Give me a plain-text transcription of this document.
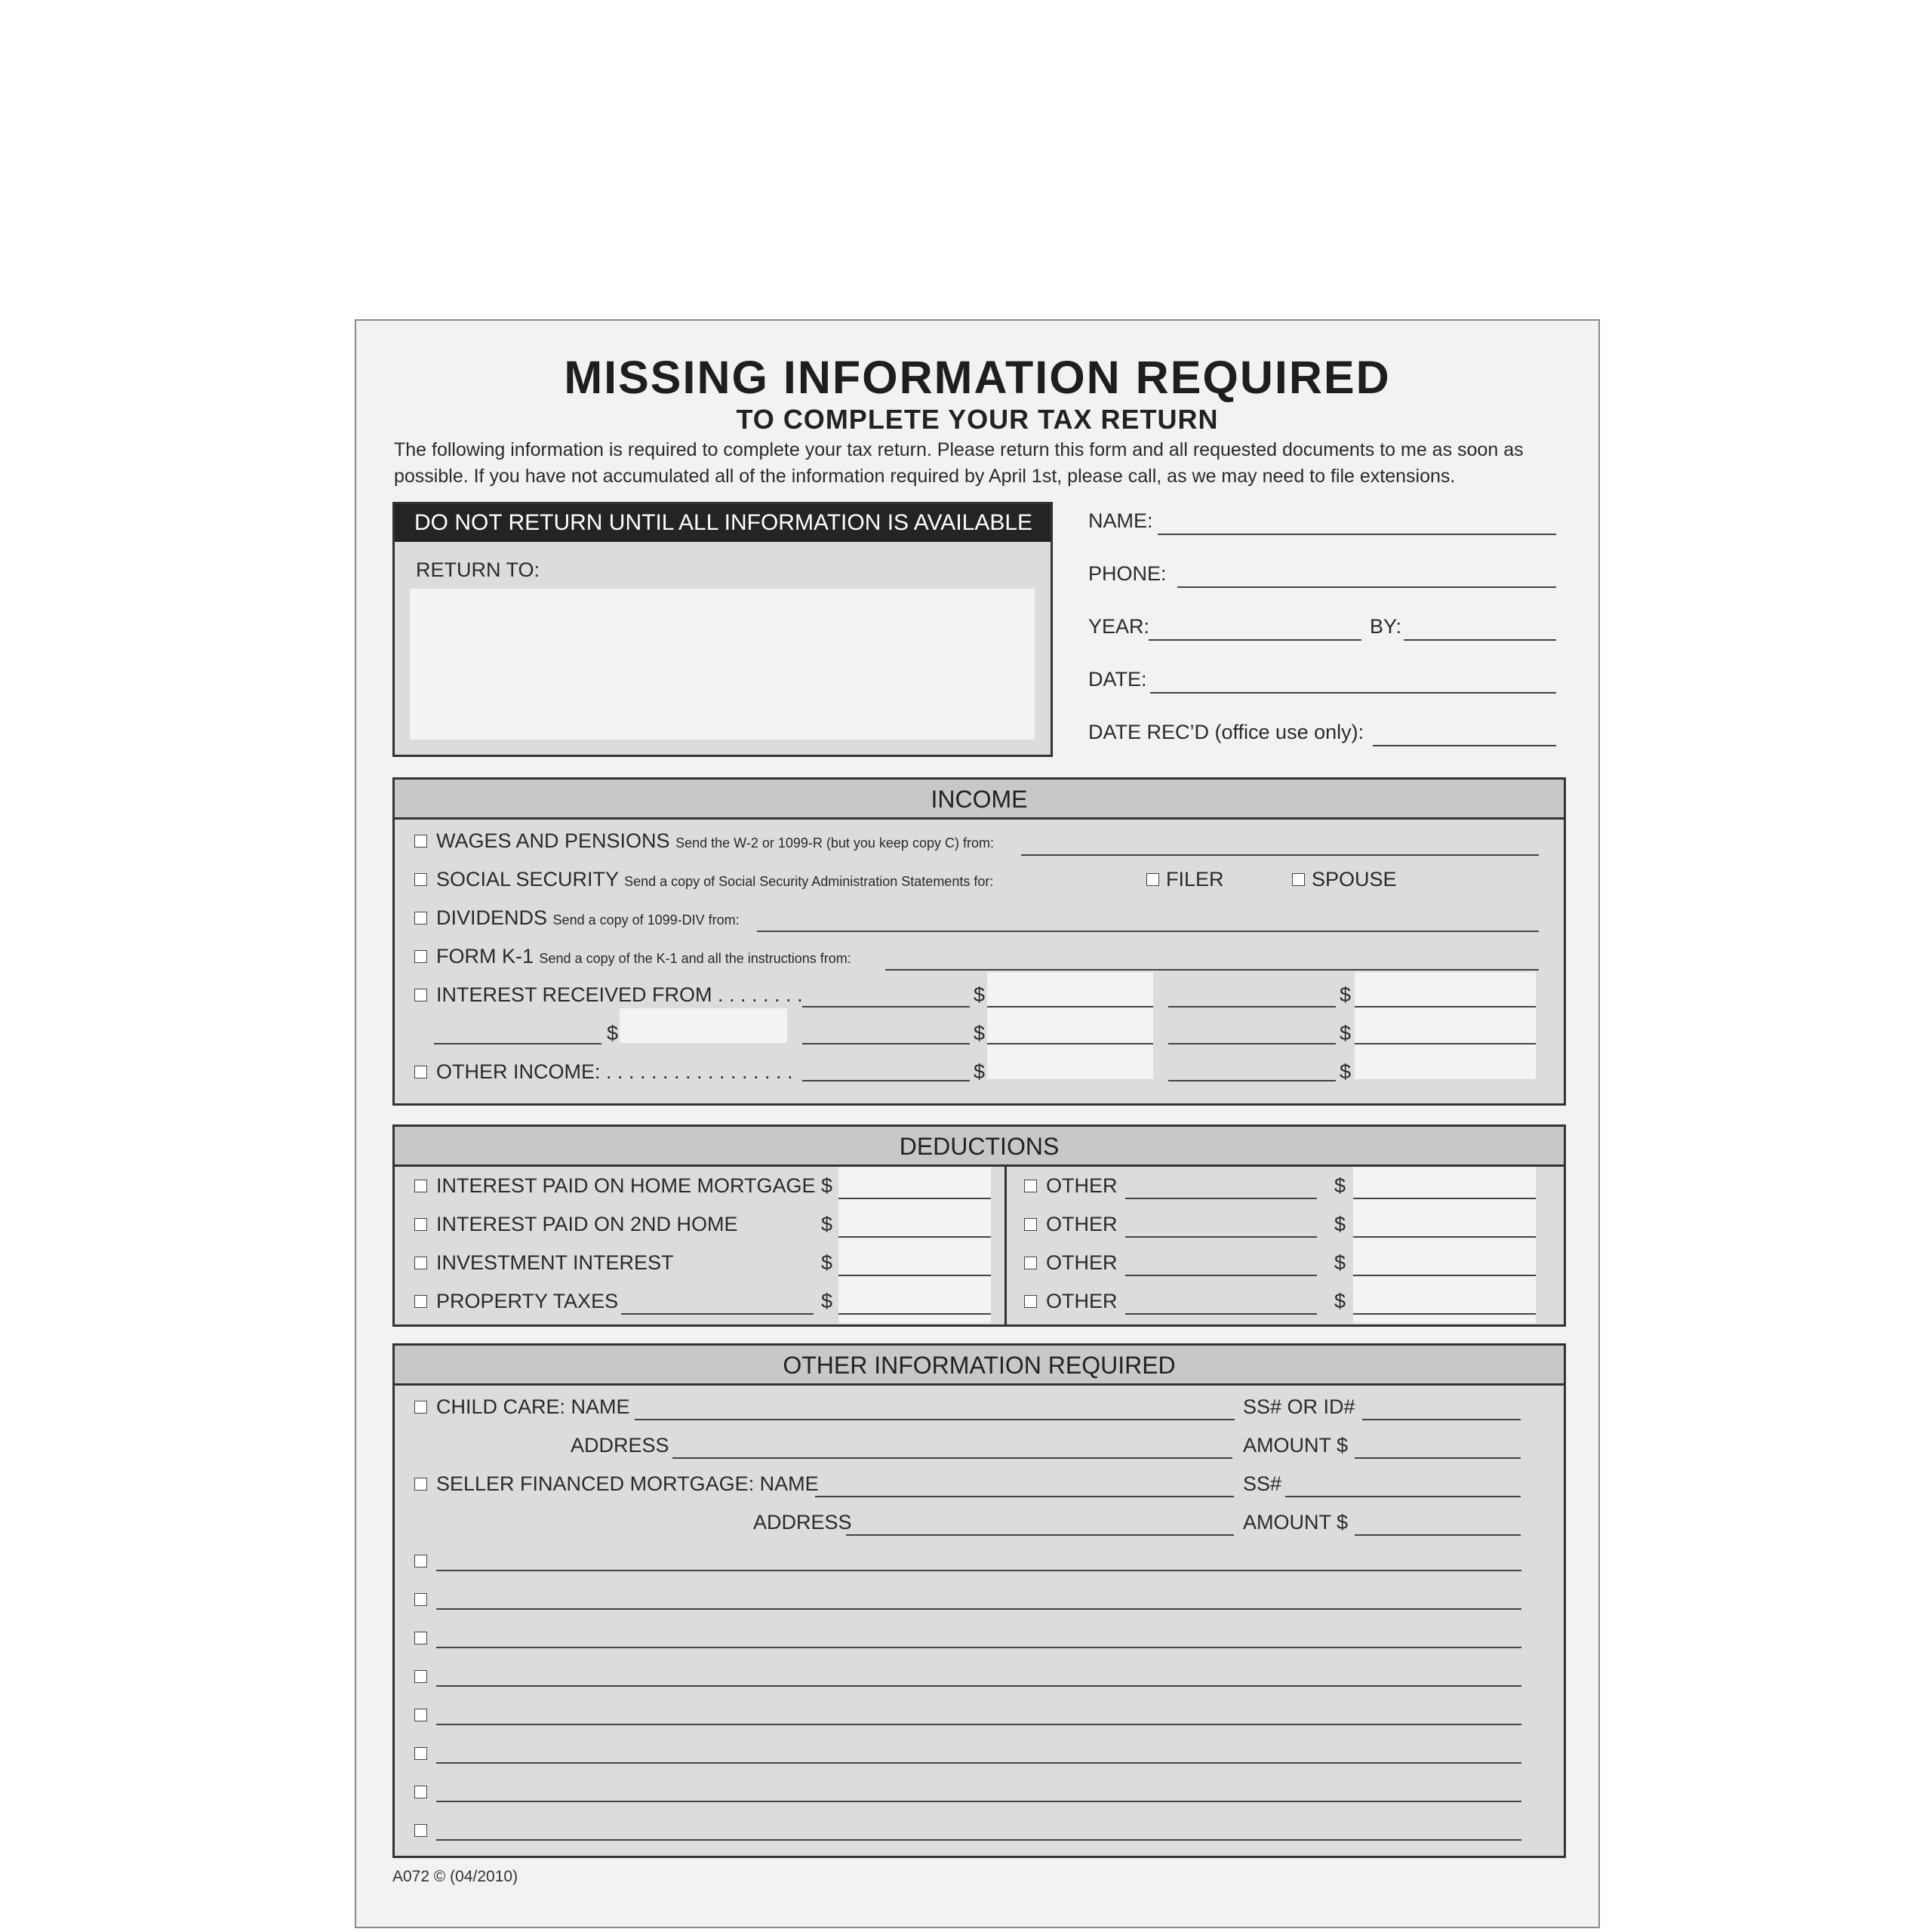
MISSING INFORMATION REQUIRED
TO COMPLETE YOUR TAX RETURN
The following information is required to complete your tax return. Please return this form and all requested documents to me as soon as possible. If you have not accumulated all of the information required by April 1st, please call, as we may need to file extensions.
DO NOT RETURN UNTIL ALL INFORMATION IS AVAILABLE
RETURN TO:
NAME:
PHONE:
YEAR:	BY:
DATE:
DATE REC’D (office use only):
INCOME
WAGES AND PENSIONS Send the W-2 or 1099-R (but you keep copy C) from:
SOCIAL SECURITY Send a copy of Social Security Administration Statements for:	FILER	SPOUSE
DIVIDENDS Send a copy of 1099-DIV from:
FORM K-1 Send a copy of the K-1 and all the instructions from:
INTEREST RECEIVED FROM . . . . . . . .	$	$
$	$	$
OTHER INCOME: . . . . . . . . . . . . . . . . .	$	$
DEDUCTIONS
INTEREST PAID ON HOME MORTGAGE $
INTEREST PAID ON 2ND HOME	$
INVESTMENT INTEREST	$
PROPERTY TAXES	$
OTHER	$
OTHER	$
OTHER	$
OTHER	$
OTHER INFORMATION REQUIRED
CHILD CARE: NAME	SS# OR ID#
ADDRESS	AMOUNT $
SELLER FINANCED MORTGAGE: NAME	SS#
ADDRESS	AMOUNT $
A072 © (04/2010)
